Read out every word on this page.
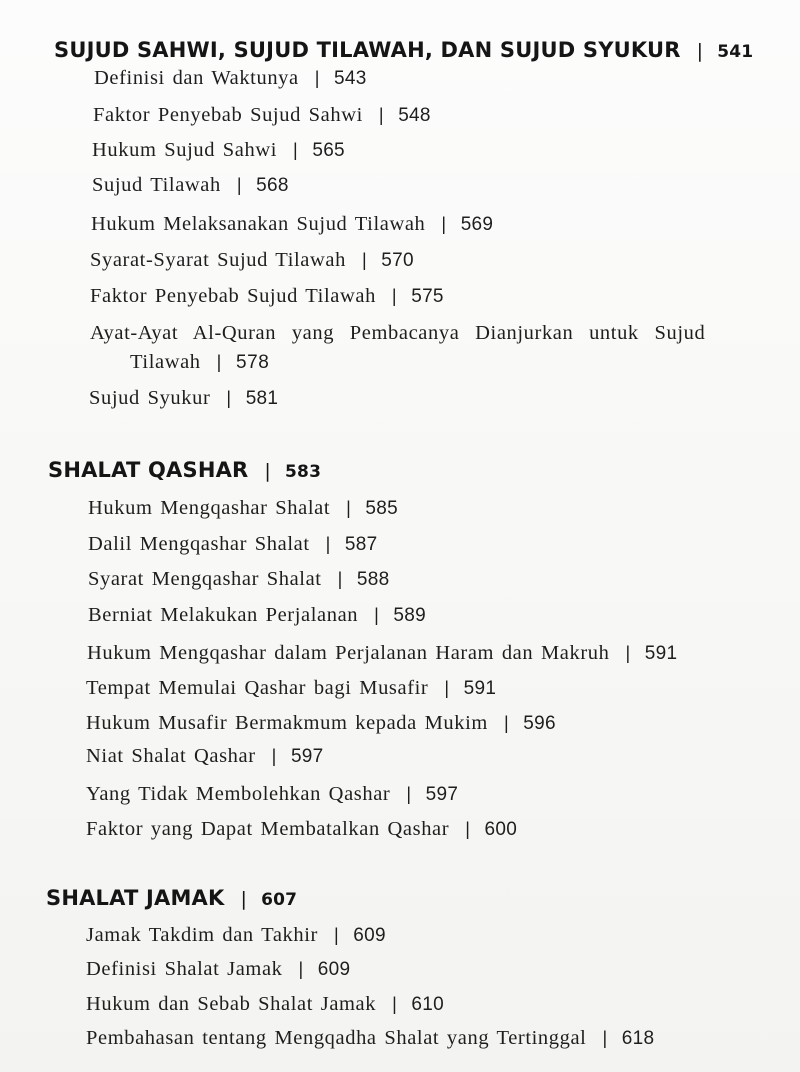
SUJUD SAHWI, SUJUD TILAWAH, DAN SUJUD SYUKUR | 541
Definisi dan Waktunya | 543
Faktor Penyebab Sujud Sahwi | 548
Hukum Sujud Sahwi | 565
Sujud Tilawah | 568
Hukum Melaksanakan Sujud Tilawah | 569
Syarat-Syarat Sujud Tilawah | 570
Faktor Penyebab Sujud Tilawah | 575
Ayat-Ayat Al-Quran yang Pembacanya Dianjurkan untuk Sujud
Tilawah | 578
Sujud Syukur | 581
SHALAT QASHAR | 583
Hukum Mengqashar Shalat | 585
Dalil Mengqashar Shalat | 587
Syarat Mengqashar Shalat | 588
Berniat Melakukan Perjalanan | 589
Hukum Mengqashar dalam Perjalanan Haram dan Makruh | 591
Tempat Memulai Qashar bagi Musafir | 591
Hukum Musafir Bermakmum kepada Mukim | 596
Niat Shalat Qashar | 597
Yang Tidak Membolehkan Qashar | 597
Faktor yang Dapat Membatalkan Qashar | 600
SHALAT JAMAK | 607
Jamak Takdim dan Takhir | 609
Definisi Shalat Jamak | 609
Hukum dan Sebab Shalat Jamak | 610
Pembahasan tentang Mengqadha Shalat yang Tertinggal | 618
